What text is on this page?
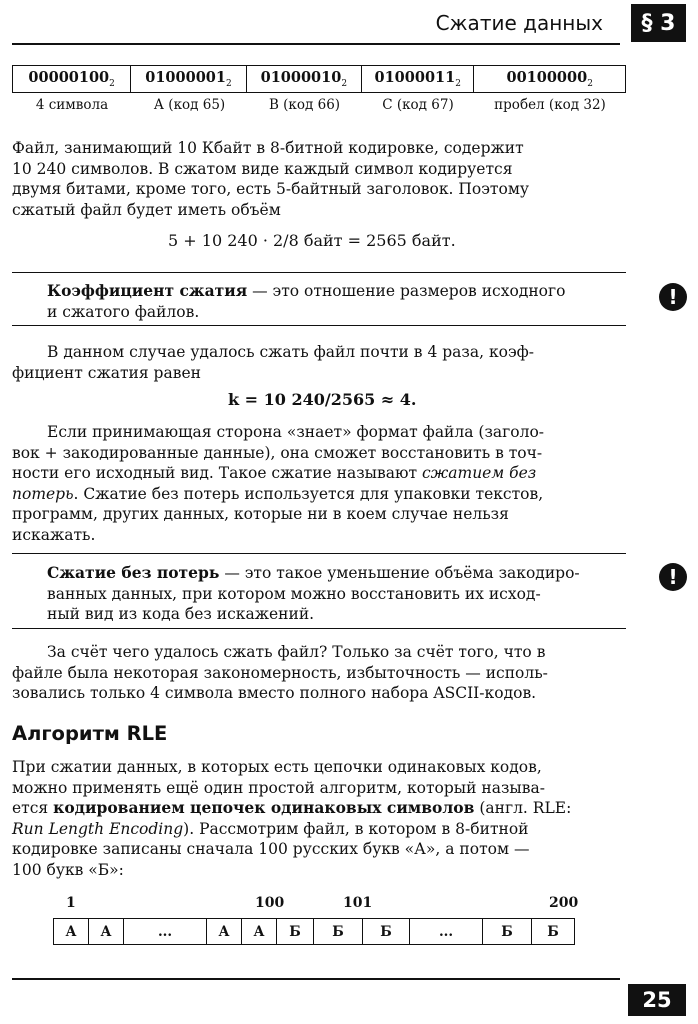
Сжатие данных	§ 3
$00000100_2$	$01000001_2$	$01000010_2$	$01000011_2$	$00100000_2$
4 символа	А (код 65)	В (код 66)	С (код 67)	пробел (код 32)
Файл, занимающий 10 Кбайт в 8-битной кодировке, содержит
10 240 символов. В сжатом виде каждый символ кодируется
двумя битами, кроме того, есть 5-байтный заголовок. Поэтому
сжатый файл будет иметь объём
5 + 10 240 · 2/8 байт = 2565 байт.
Коэффициент сжатия — это отношение размеров исходного
и сжатого файлов.
!
В данном случае удалось сжать файл почти в 4 раза, коэф-
фициент сжатия равен
k = 10 240/2565 ≈ 4.
Если принимающая сторона «знает» формат файла (заголо-
вок + закодированные данные), она сможет восстановить в точ-
ности его исходный вид. Такое сжатие называют сжатием без
потерь. Сжатие без потерь используется для упаковки текстов,
программ, других данных, которые ни в коем случае нельзя
искажать.
Сжатие без потерь — это такое уменьшение объёма закодиро-
ванных данных, при котором можно восстановить их исход-
ный вид из кода без искажений.
!
За счёт чего удалось сжать файл? Только за счёт того, что в
файле была некоторая закономерность, избыточность — исполь-
зовались только 4 символа вместо полного набора ASCII-кодов.
Алгоритм RLE
При сжатии данных, в которых есть цепочки одинаковых кодов,
можно применять ещё один простой алгоритм, который называ-
ется кодированием цепочек одинаковых символов (англ. RLE:
Run Length Encoding). Рассмотрим файл, в котором в 8-битной
кодировке записаны сначала 100 русских букв «А», а потом —
100 букв «Б»:
1	100	101	200
А	А	...	А	А	Б	Б	Б	...	Б	Б
25
